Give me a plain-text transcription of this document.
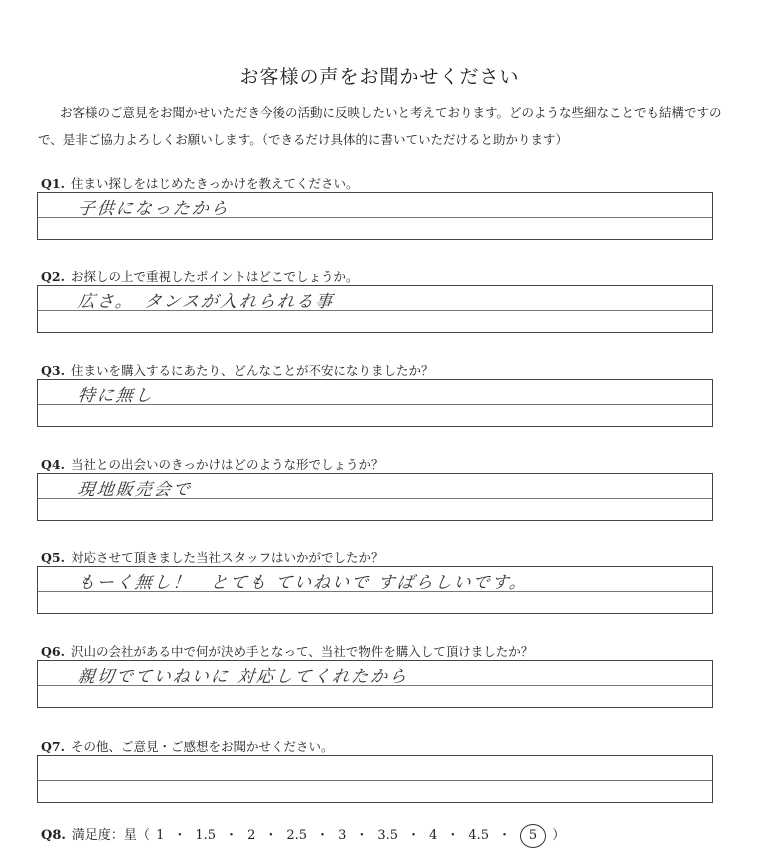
お客様の声をお聞かせください
お客様のご意見をお聞かせいただき今後の活動に反映したいと考えております。どのような些細なことでも結構ですので、是非ご協力よろしくお願いします。（できるだけ具体的に書いていただけると助かります）
Q1. 住まい探しをはじめたきっかけを教えてください。
子供になったから
Q2. お探しの上で重視したポイントはどこでしょうか。
広さ。　タンスが入れられる事
Q3. 住まいを購入するにあたり、どんなことが不安になりましたか？
特に無し
Q4. 当社との出会いのきっかけはどのような形でしょうか？
現地販売会で
Q5. 対応させて頂きました当社スタッフはいかがでしたか？
もーく無し！　とても ていねいで すばらしいです。
Q6. 沢山の会社がある中で何が決め手となって、当社で物件を購入して頂けましたか？
親切でていねいに 対応してくれたから
Q7. その他、ご意見・ご感想をお聞かせください。
Q8. 満足度：星（ 1 ・ 1.5 ・ 2 ・ 2.5 ・ 3 ・ 3.5 ・ 4 ・ 4.5 ・ 5 ）
